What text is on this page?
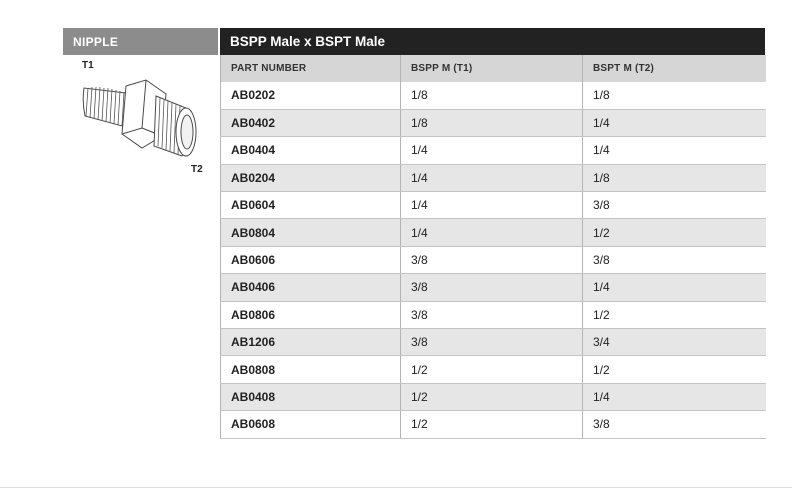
NIPPLE
T1
T2
BSPP Male x BSPT Male
PART NUMBER	BSPP M (T1)	BSPT M (T2)
AB0202	1/8	1/8
AB0402	1/8	1/4
AB0404	1/4	1/4
AB0204	1/4	1/8
AB0604	1/4	3/8
AB0804	1/4	1/2
AB0606	3/8	3/8
AB0406	3/8	1/4
AB0806	3/8	1/2
AB1206	3/8	3/4
AB0808	1/2	1/2
AB0408	1/2	1/4
AB0608	1/2	3/8
